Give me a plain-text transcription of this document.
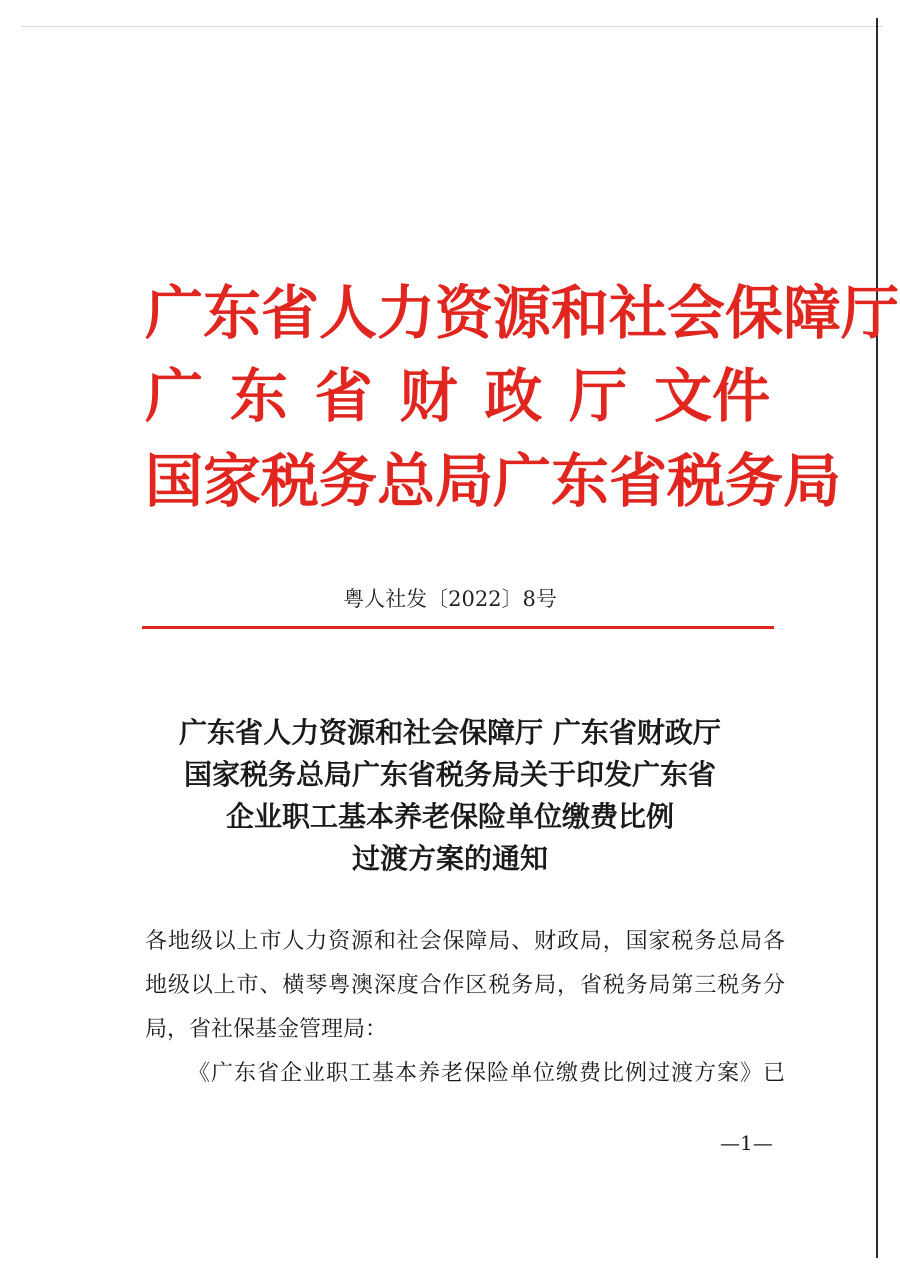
广东省人力资源和社会保障厅
广 东 省 财 政 厅 文件
国家税务总局广东省税务局
粤人社发〔2022〕8号
广东省人力资源和社会保障厅 广东省财政厅
国家税务总局广东省税务局关于印发广东省
企业职工基本养老保险单位缴费比例
过渡方案的通知
各地级以上市人力资源和社会保障局、财政局，国家税务总局各
地级以上市、横琴粤澳深度合作区税务局，省税务局第三税务分
局，省社保基金管理局：
《广东省企业职工基本养老保险单位缴费比例过渡方案》已
—1—
